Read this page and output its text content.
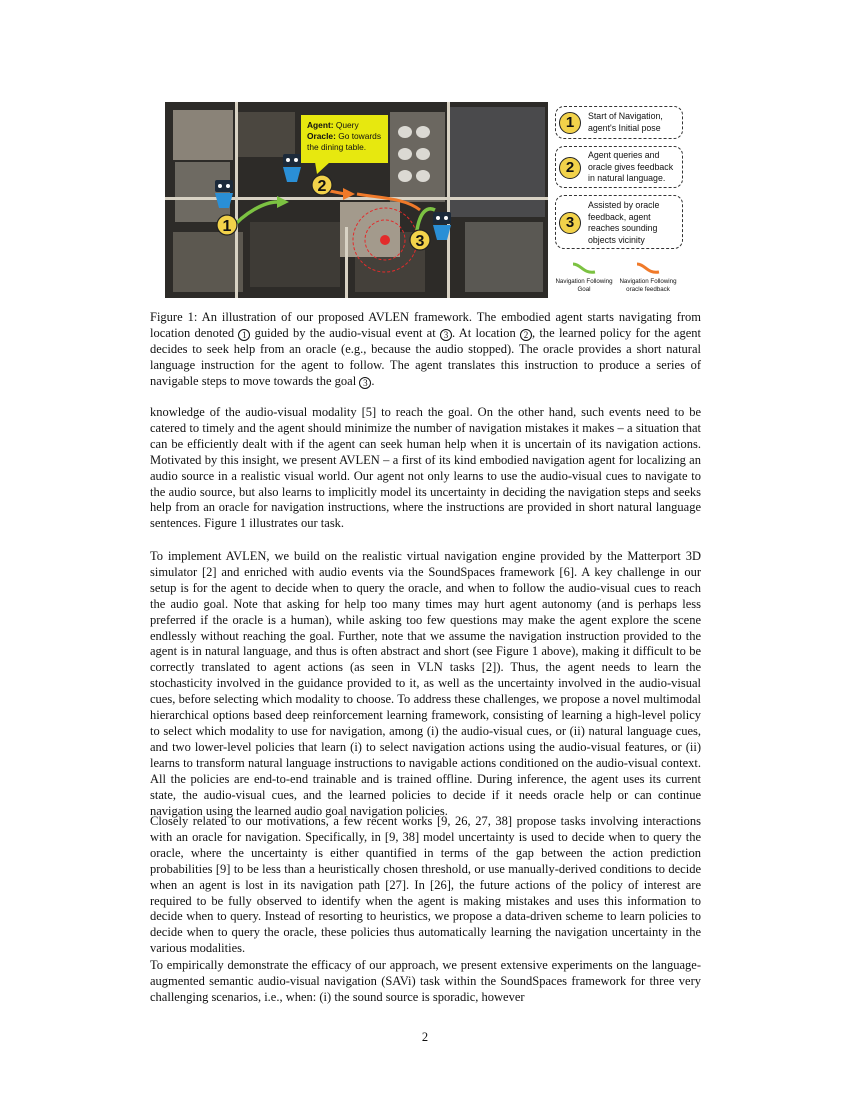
1
2
3
Agent: Query
Oracle: Go towards the dining table.
1	Start of Navigation, agent's Initial pose
2
Agent queries and oracle gives feedback in natural language.
3
Assisted by oracle feedback, agent reaches sounding objects vicinity
Navigation Following Goal
Navigation Following oracle feedback
Figure 1: An illustration of our proposed AVLEN framework. The embodied agent starts navigating from location denoted 1 guided by the audio-visual event at 3 . At location 2 , the learned policy for the agent decides to seek help from an oracle (e.g., because the audio stopped). The oracle provides a short natural language instruction for the agent to follow. The agent translates this instruction to produce a series of navigable steps to move towards the goal 3 .
knowledge of the audio-visual modality [5] to reach the goal. On the other hand, such events need to be catered to timely and the agent should minimize the number of navigation mistakes it makes – a situation that can be efficiently dealt with if the agent can seek human help when it is uncertain of its navigation actions. Motivated by this insight, we present AVLEN – a first of its kind embodied navigation agent for localizing an audio source in a realistic visual world. Our agent not only learns to use the audio-visual cues to navigate to the audio source, but also learns to implicitly model its uncertainty in deciding the navigation steps and seeks help from an oracle for navigation instructions, where the instructions are provided in short natural language sentences. Figure 1 illustrates our task.
To implement AVLEN, we build on the realistic virtual navigation engine provided by the Matterport 3D simulator [2] and enriched with audio events via the SoundSpaces framework [6]. A key challenge in our setup is for the agent to decide when to query the oracle, and when to follow the audio-visual cues to reach the audio goal. Note that asking for help too many times may hurt agent autonomy (and is perhaps less preferred if the oracle is a human), while asking too few questions may make the agent explore the scene endlessly without reaching the goal. Further, note that we assume the navigation instruction provided to the agent is in natural language, and thus is often abstract and short (see Figure 1 above), making it difficult to be correctly translated to agent actions (as seen in VLN tasks [2]). Thus, the agent needs to learn the stochasticity involved in the guidance provided to it, as well as the uncertainty involved in the audio-visual cues, before selecting which modality to choose. To address these challenges, we propose a novel multimodal hierarchical options based deep reinforcement learning framework, consisting of learning a high-level policy to select which modality to use for navigation, among (i) the audio-visual cues, or (ii) natural language cues, and two lower-level policies that learn (i) to select navigation actions using the audio-visual features, or (ii) learns to transform natural language instructions to navigable actions conditioned on the audio-visual context. All the policies are end-to-end trainable and is trained offline. During inference, the agent uses its current state, the audio-visual cues, and the learned policies to decide if it needs oracle help or can continue navigation using the learned audio goal navigation policies.
Closely related to our motivations, a few recent works [9, 26, 27, 38] propose tasks involving interactions with an oracle for navigation. Specifically, in [9, 38] model uncertainty is used to decide when to query the oracle, where the uncertainty is either quantified in terms of the gap between the action prediction probabilities [9] to be less than a heuristically chosen threshold, or use manually-derived conditions to decide when an agent is lost in its navigation path [27]. In [26], the future actions of the policy of interest are required to be fully observed to identify when the agent is making mistakes and uses this information to decide when to query. Instead of resorting to heuristics, we propose a data-driven scheme to learn policies to decide when to query the oracle, these policies thus automatically learning the navigation uncertainty in the various modalities.
To empirically demonstrate the efficacy of our approach, we present extensive experiments on the language-augmented semantic audio-visual navigation (SAVi) task within the SoundSpaces framework for three very challenging scenarios, i.e., when: (i) the sound source is sporadic, however
2
